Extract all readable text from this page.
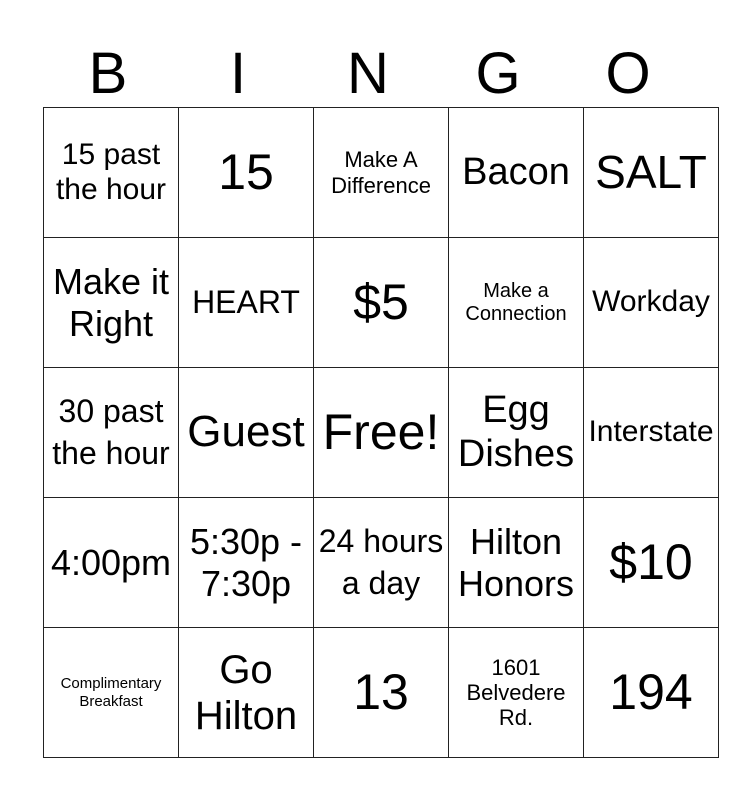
B	I	N	G	O
15 past the hour	15	Make A Difference	Bacon	SALT
Make it Right	HEART	$5	Make a Connection	Workday
30 past the hour	Guest	Free!	Egg Dishes	Interstate
4:00pm	5:30p - 7:30p	24 hours a day	Hilton Honors	$10
Complimentary Breakfast	Go Hilton	13	1601 Belvedere Rd.	194
